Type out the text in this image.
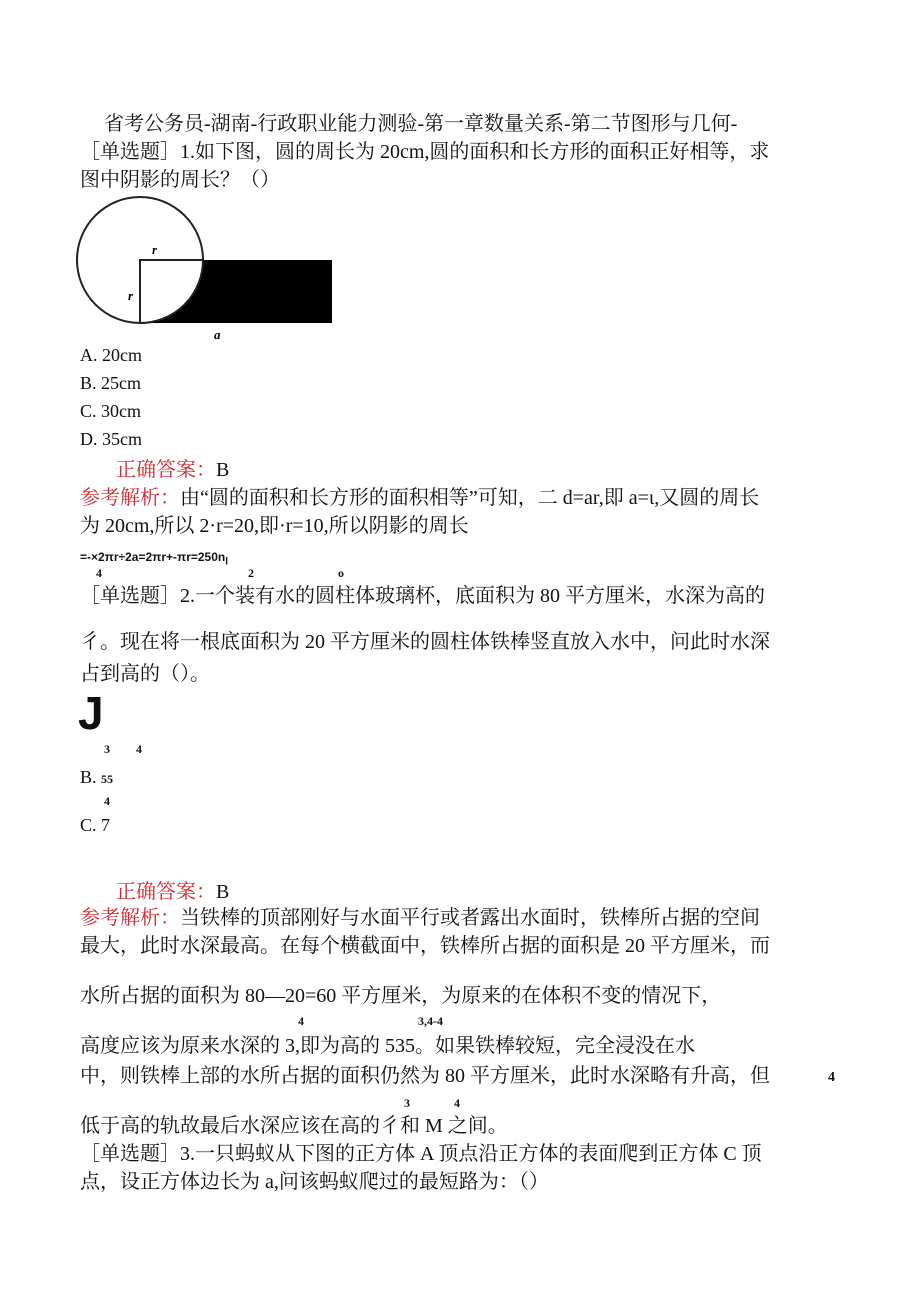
省考公务员-湖南-行政职业能力测验-第一章数量关系-第二节图形与几何-
［单选题］1.如下图，圆的周长为 20cm,圆的面积和长方形的面积正好相等，求
图中阴影的周长？（）
r
r
a
A. 20cm
B. 25cm
C. 30cm
D. 35cm
正确答案：B
参考解析：由“圆的面积和长方形的面积相等”可知，二 d=ar,即 a=ι,又圆的周长
为 20cm,所以 2·r=20,即·r=10,所以阴影的周长
$=-\times 2\pi r\div 2a=2\pi r+-\pi r=250n_l$
4	2	o
［单选题］2.一个装有水的圆柱体玻璃杯，底面积为 80 平方厘米，水深为高的
彳。现在将一根底面积为 20 平方厘米的圆柱体铁棒竖直放入水中，问此时水深
占到高的（）。
J
3 4
B. 55
4
C. 7
正确答案：B
参考解析：当铁棒的顶部刚好与水面平行或者露出水面时，铁棒所占据的空间
最大，此时水深最高。在每个横截面中，铁棒所占据的面积是 20 平方厘米，而
水所占据的面积为 80—20=60 平方厘米，为原来的在体积不变的情况下，
4	3,4-4
高度应该为原来水深的 3,即为高的 535。如果铁棒较短，完全浸没在水
中，则铁棒上部的水所占据的面积仍然为 80 平方厘米，此时水深略有升高，但	4
3	4
低于高的轨故最后水深应该在高的彳和 M 之间。
［单选题］3.一只蚂蚁从下图的正方体 A 顶点沿正方体的表面爬到正方体 C 顶
点，设正方体边长为 a,问该蚂蚁爬过的最短路为：（）
